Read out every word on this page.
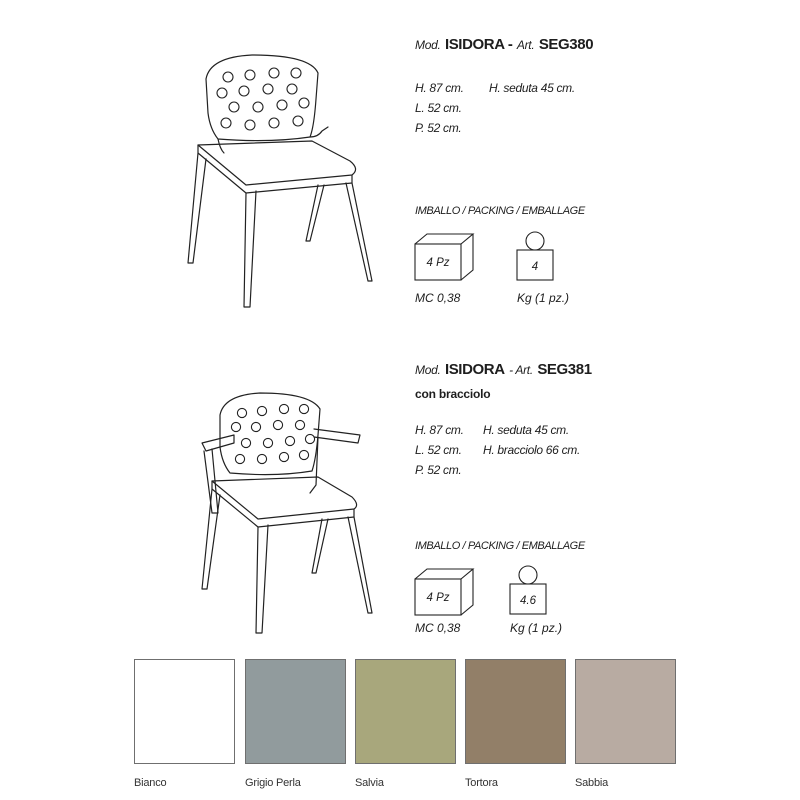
Mod. ISIDORA - Art. SEG380
H. 87 cm. H. seduta 45 cm.
L. 52 cm.
P. 52 cm.
IMBALLO / PACKING / EMBALLAGE
4 Pz
MC 0,38
4
Kg (1 pz.)
Mod. ISIDORA - Art. SEG381
con bracciolo
H. 87 cm. H. seduta 45 cm.
L. 52 cm. H. bracciolo 66 cm.
P. 52 cm.
IMBALLO / PACKING / EMBALLAGE
4 Pz
MC 0,38
4.6
Kg (1 pz.)
Bianco	Grigio Perla	Salvia	Tortora	Sabbia
